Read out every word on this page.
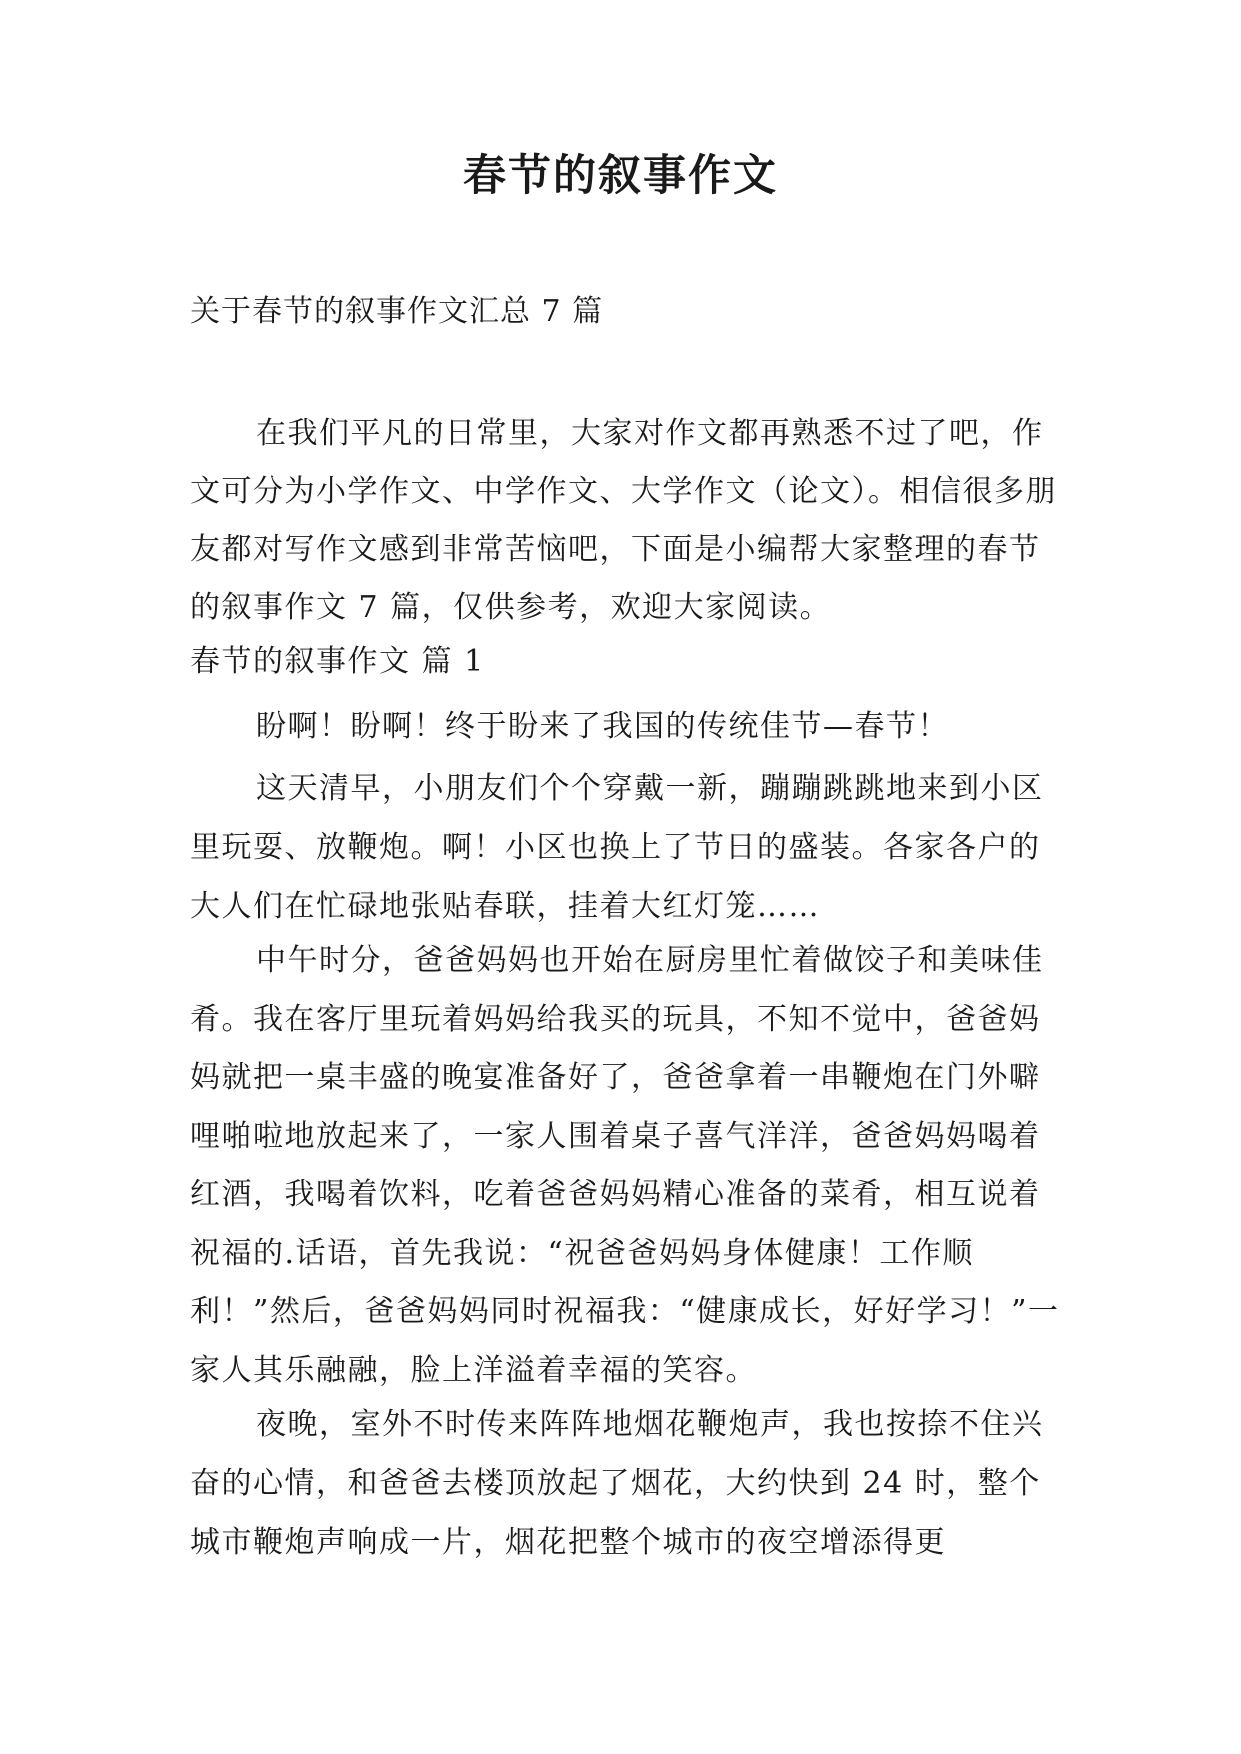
春节的叙事作文
关于春节的叙事作文汇总 7 篇

在我们平凡的日常里，大家对作文都再熟悉不过了吧，作文可分为小学作文、中学作文、大学作文（论文）。相信很多朋友都对写作文感到非常苦恼吧，下面是小编帮大家整理的春节的叙事作文 7 篇，仅供参考，欢迎大家阅读。

春节的叙事作文 篇 1

盼啊！盼啊！终于盼来了我国的传统佳节—春节！

这天清早，小朋友们个个穿戴一新，蹦蹦跳跳地来到小区里玩耍、放鞭炮。啊！小区也换上了节日的盛装。各家各户的大人们在忙碌地张贴春联，挂着大红灯笼……

中午时分，爸爸妈妈也开始在厨房里忙着做饺子和美味佳肴。我在客厅里玩着妈妈给我买的玩具，不知不觉中，爸爸妈妈就把一桌丰盛的晚宴准备好了，爸爸拿着一串鞭炮在门外噼哩啪啦地放起来了，一家人围着桌子喜气洋洋，爸爸妈妈喝着红酒，我喝着饮料，吃着爸爸妈妈精心准备的菜肴，相互说着祝福的.话语，首先我说：“祝爸爸妈妈身体健康！工作顺利！”然后，爸爸妈妈同时祝福我：“健康成长，好好学习！”一家人其乐融融，脸上洋溢着幸福的笑容。

夜晚，室外不时传来阵阵地烟花鞭炮声，我也按捺不住兴奋的心情，和爸爸去楼顶放起了烟花，大约快到 24 时，整个城市鞭炮声响成一片，烟花把整个城市的夜空增添得更
